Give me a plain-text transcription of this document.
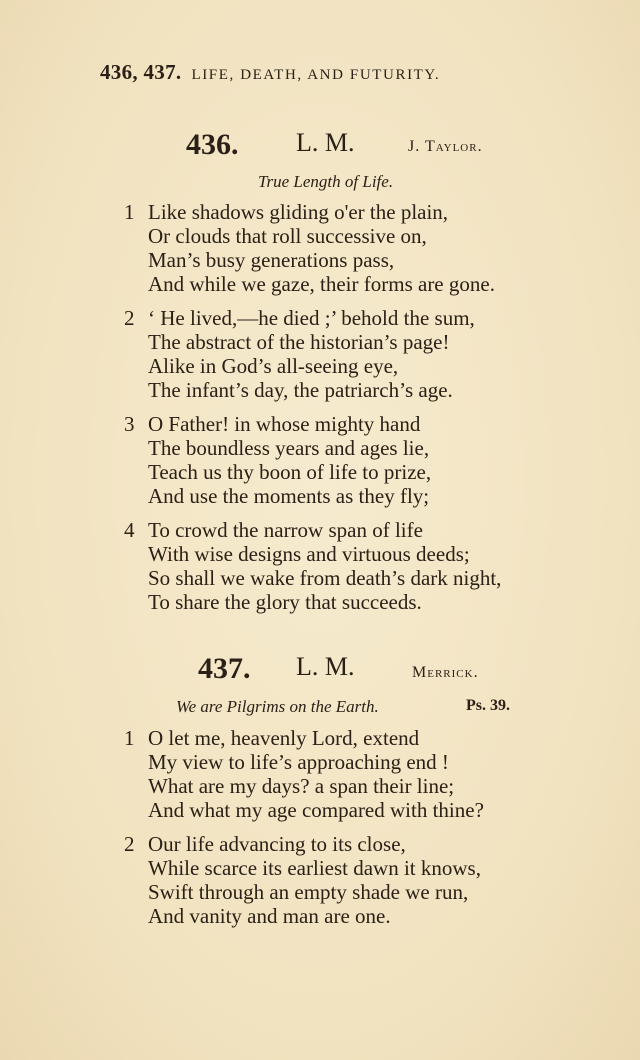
436, 437. LIFE, DEATH, AND FUTURITY.
436. L. M.	J. Taylor.
True Length of Life.
1 Like shadows gliding o'er the plain,
Or clouds that roll successive on,
Man’s busy generations pass,
And while we gaze, their forms are gone.
2 ‘ He lived,—he died ;’ behold the sum,
The abstract of the historian’s page!
Alike in God’s all-seeing eye,
The infant’s day, the patriarch’s age.
3 O Father! in whose mighty hand
The boundless years and ages lie,
Teach us thy boon of life to prize,
And use the moments as they fly;
4 To crowd the narrow span of life
With wise designs and virtuous deeds;
So shall we wake from death’s dark night,
To share the glory that succeeds.
437. L. M.	Merrick.
We are Pilgrims on the Earth.	Ps. 39.
1 O let me, heavenly Lord, extend
My view to life’s approaching end !
What are my days? a span their line;
And what my age compared with thine?
2 Our life advancing to its close,
While scarce its earliest dawn it knows,
Swift through an empty shade we run,
And vanity and man are one.
